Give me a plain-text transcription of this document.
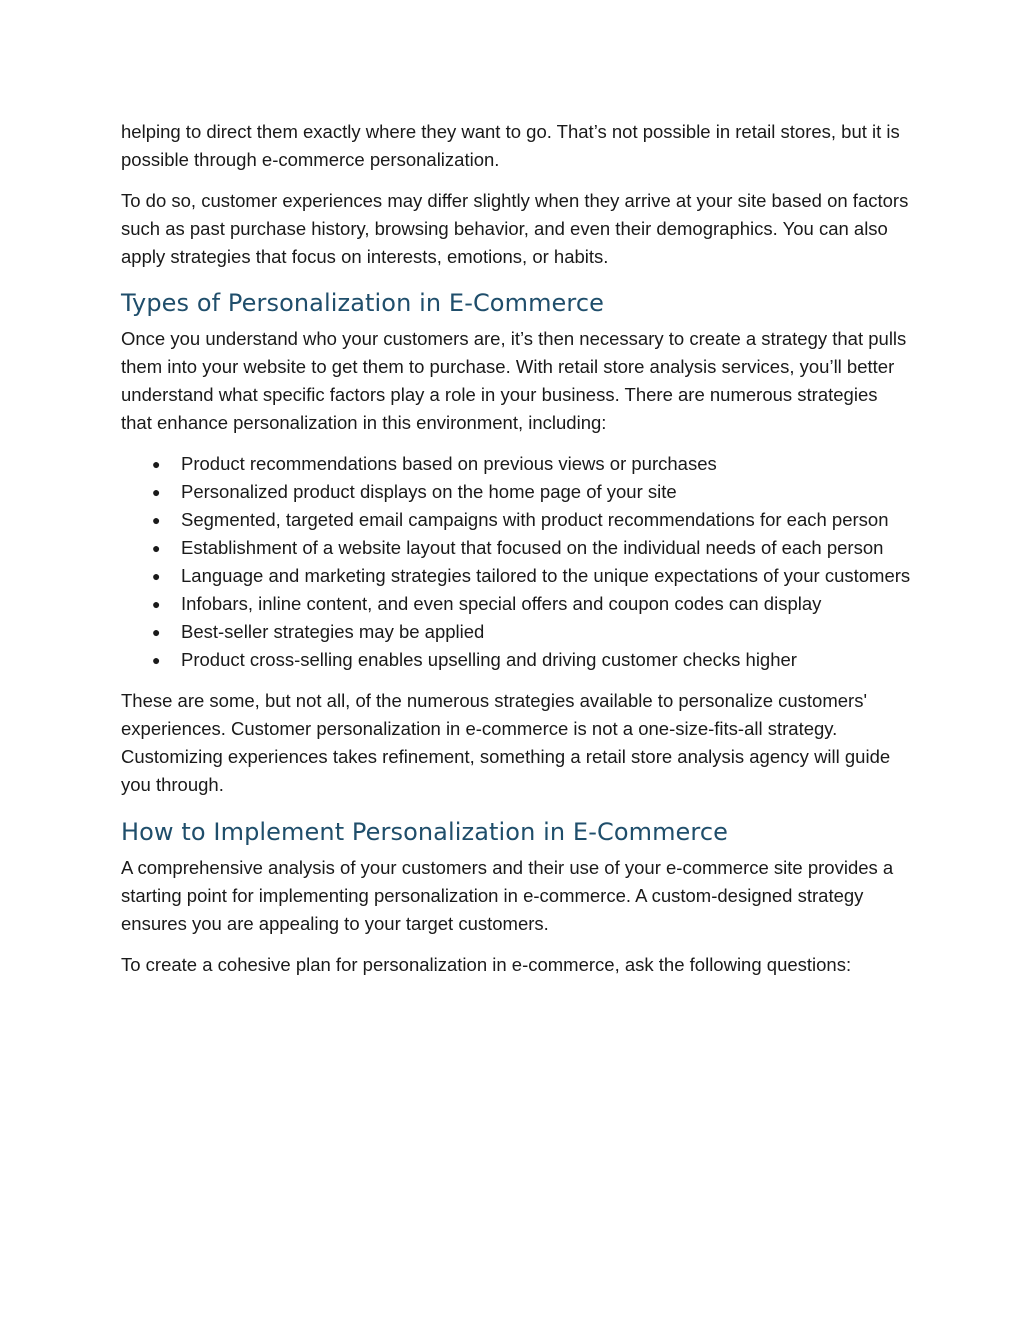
helping to direct them exactly where they want to go. That’s not possible in retail stores, but it is possible through e-commerce personalization.

To do so, customer experiences may differ slightly when they arrive at your site based on factors such as past purchase history, browsing behavior, and even their demographics. You can also apply strategies that focus on interests, emotions, or habits.

Types of Personalization in E-Commerce

Once you understand who your customers are, it’s then necessary to create a strategy that pulls them into your website to get them to purchase. With retail store analysis services, you’ll better understand what specific factors play a role in your business. There are numerous strategies that enhance personalization in this environment, including:

● Product recommendations based on previous views or purchases
● Personalized product displays on the home page of your site
● Segmented, targeted email campaigns with product recommendations for each person
● Establishment of a website layout that focused on the individual needs of each person
● Language and marketing strategies tailored to the unique expectations of your customers
● Infobars, inline content, and even special offers and coupon codes can display
● Best-seller strategies may be applied
● Product cross-selling enables upselling and driving customer checks higher

These are some, but not all, of the numerous strategies available to personalize customers' experiences. Customer personalization in e-commerce is not a one-size-fits-all strategy. Customizing experiences takes refinement, something a retail store analysis agency will guide you through.

How to Implement Personalization in E-Commerce

A comprehensive analysis of your customers and their use of your e-commerce site provides a starting point for implementing personalization in e-commerce. A custom-designed strategy ensures you are appealing to your target customers.

To create a cohesive plan for personalization in e-commerce, ask the following questions:
